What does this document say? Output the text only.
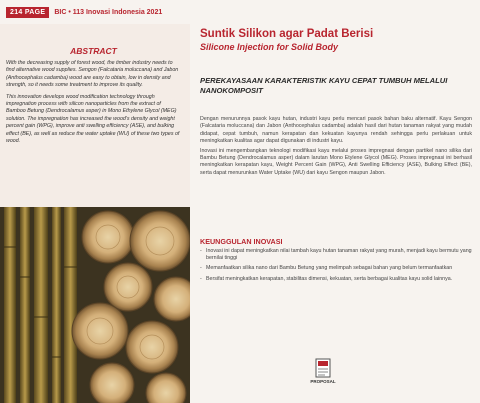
214 PAGE	BIC • 113 Inovasi Indonesia 2021
ABSTRACT

With the decreasing supply of forest wood, the timber industry needs to find alternative wood supplies. Sengon (Falcataria moluccana) and Jabon (Anthocephalus cadamba) wood are easy to obtain, low in density and strength, so it needs some treatment to improve its quality.

This innovation develops wood modification technology through impregnation process with silicon nanoparticles from the extract of Bamboo Betung (Dendrocalamus asper) in Mono Ethylene Glycol (MEG) solution. The impregnation has increased the wood's density and weight percent gain (WPG), improve anti swelling efficiency (ASE), and bulking effect (BE), as well as reduce the water uptake (WU) of these two types of wood.

Suntik Silikon agar Padat Berisi
Silicone Injection for Solid Body
PEREKAYASAAN KARAKTERISTIK KAYU CEPAT TUMBUH MELALUI NANOKOMPOSIT

Dengan menurunnya pasok kayu hutan, industri kayu perlu mencari pasok bahan baku alternatif. Kayu Sengon (Falcataria moluccana) dan Jabon (Anthocephalus cadamba) adalah hasil dari hutan tanaman rakyat yang mudah didapat, cepat tumbuh, namun kerapatan dan kekuatan kayunya rendah sehingga perlu perlakuan untuk meningkatkan kualitas agar dapat digunakan di industri kayu.

Inovasi ini mengembangkan teknologi modifikasi kayu melalui proses impregnasi dengan partikel nano silika dari Bambu Betung (Dendrocalamus asper) dalam larutan Mono Etylene Glycol (MEG). Proses impregnasi ini berhasil meningkatkan kerapatan kayu, Weight Percent Gain (WPG), Anti Swelling Efficiency (ASE), Bulking Effect (BE), serta dapat menurunkan Water Uptake (WU) dari kayu Sengon maupun Jabon.

KEUNGGULAN INOVASI
- Inovasi ini dapat meningkatkan nilai tambah kayu hutan tanaman rakyat yang murah, menjadi kayu bermutu yang bernilai tinggi
- Memanfaatkan silika nano dari Bambu Betung yang melimpah sebagai bahan yang belum termanfaatkan
- Bersifat meningkatkan kerapatan, stabilitas dimensi, kekuatan, serta berbagai kualitas kayu solid lainnya.
PROPOSAL
